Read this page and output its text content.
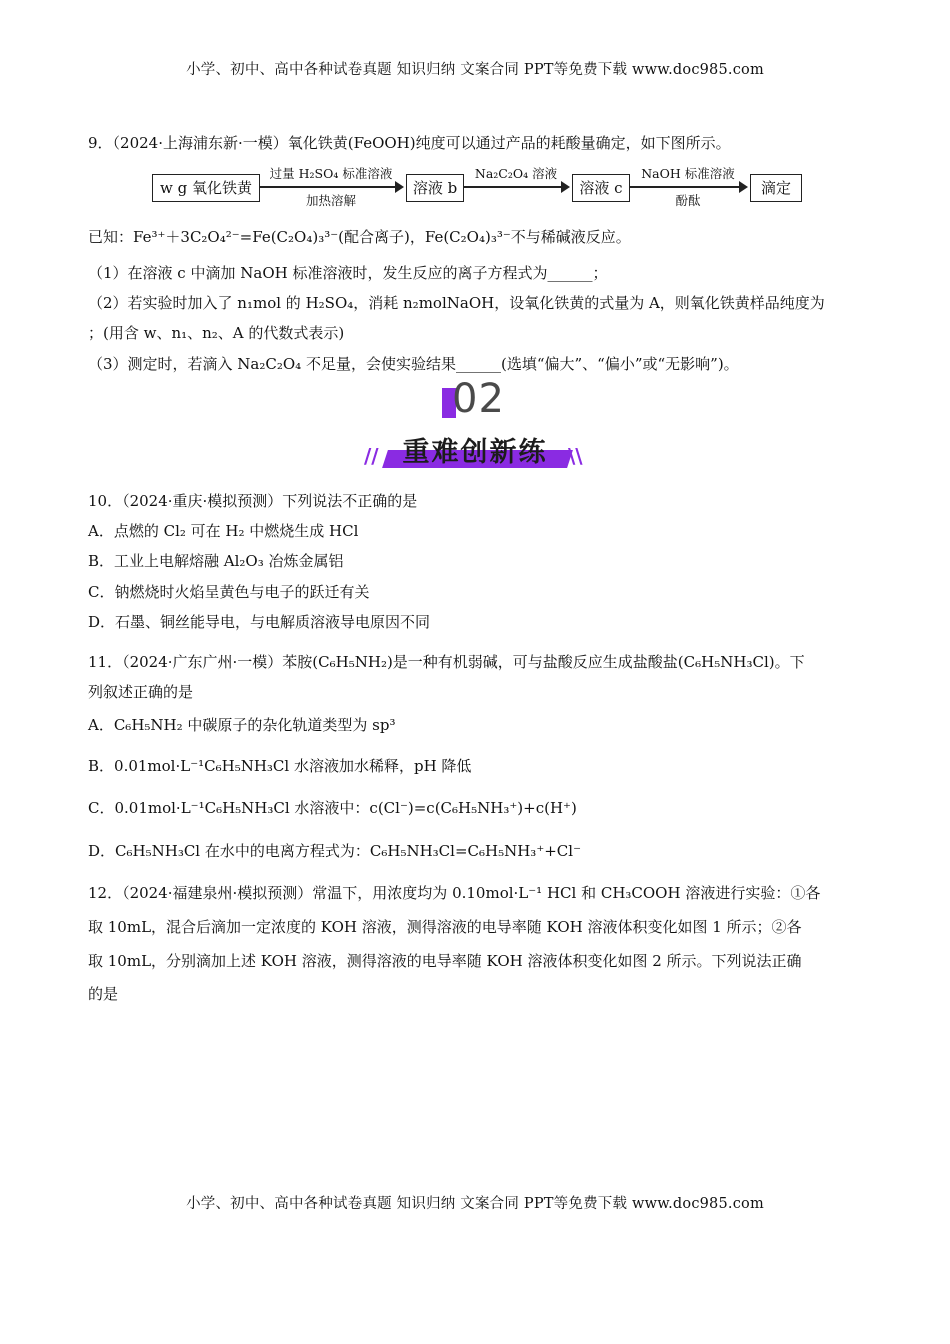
小学、初中、高中各种试卷真题 知识归纳 文案合同 PPT等免费下载 www.doc985.com
9．（2024·上海浦东新·一模）氧化铁黄(FeOOH)纯度可以通过产品的耗酸量确定，如下图所示。
w g 氧化铁黄
过量 H₂SO₄ 标准溶液
加热溶解
溶液 b
Na₂C₂O₄ 溶液
溶液 c
NaOH 标准溶液
酚酞
滴定
已知：Fe³⁺＋3C₂O₄²⁻=Fe(C₂O₄)₃³⁻(配合离子)，Fe(C₂O₄)₃³⁻不与稀碱液反应。
（1）在溶液 c 中滴加 NaOH 标准溶液时，发生反应的离子方程式为______；
（2）若实验时加入了 n₁mol 的 H₂SO₄，消耗 n₂molNaOH，设氧化铁黄的式量为 A，则氧化铁黄样品纯度为
；(用含 w、n₁、n₂、A 的代数式表示)
（3）测定时，若滴入 Na₂C₂O₄ 不足量，会使实验结果______(选填“偏大”、“偏小”或“无影响”)。
02
// 重难创新练	\\
10．（2024·重庆·模拟预测）下列说法不正确的是
A．点燃的 Cl₂ 可在 H₂ 中燃烧生成 HCl
B．工业上电解熔融 Al₂O₃ 冶炼金属铝
C．钠燃烧时火焰呈黄色与电子的跃迁有关
D．石墨、铜丝能导电，与电解质溶液导电原因不同
11．（2024·广东广州·一模）苯胺(C₆H₅NH₂)是一种有机弱碱，可与盐酸反应生成盐酸盐(C₆H₅NH₃Cl)。下
列叙述正确的是
A．C₆H₅NH₂ 中碳原子的杂化轨道类型为 sp³
B．0.01mol·L⁻¹C₆H₅NH₃Cl 水溶液加水稀释，pH 降低
C．0.01mol·L⁻¹C₆H₅NH₃Cl 水溶液中：c(Cl⁻)=c(C₆H₅NH₃⁺)+c(H⁺)
D．C₆H₅NH₃Cl 在水中的电离方程式为：C₆H₅NH₃Cl=C₆H₅NH₃⁺+Cl⁻
12．（2024·福建泉州·模拟预测）常温下，用浓度均为 0.10mol·L⁻¹ HCl 和 CH₃COOH 溶液进行实验：①各
取 10mL，混合后滴加一定浓度的 KOH 溶液，测得溶液的电导率随 KOH 溶液体积变化如图 1 所示；②各
取 10mL，分别滴加上述 KOH 溶液，测得溶液的电导率随 KOH 溶液体积变化如图 2 所示。下列说法正确
的是
小学、初中、高中各种试卷真题 知识归纳 文案合同 PPT等免费下载 www.doc985.com
